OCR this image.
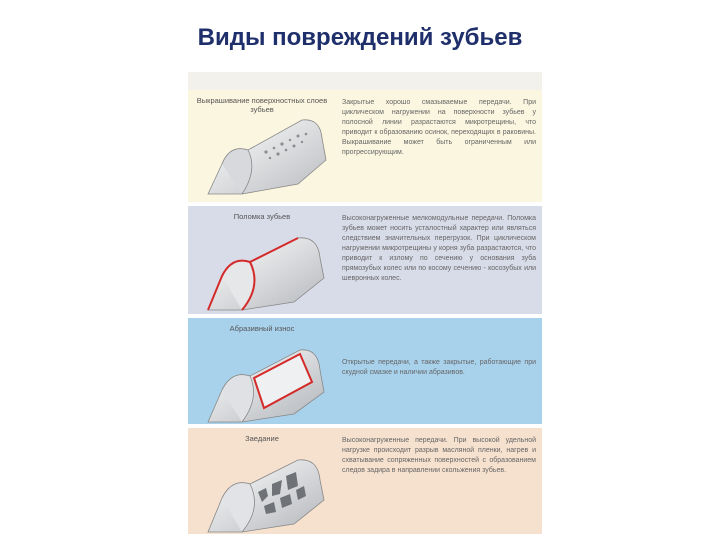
Виды повреждений зубьев
Выкрашивание поверхностных слоев зубьев
Закрытые хорошо смазываемые передачи. При циклическом нагружении на поверхности зубьев у полосной линии разрастаются микротрещины, что приводит к образованию осинок, переходящих в раковины. Выкрашивание может быть ограниченным или прогрессирующим.
Поломка зубьев	Высоконагруженные мелкомодульные передачи. Поломка зубьев может носить усталостный характер или являться следствием значительных перегрузок. При циклическом нагружении микротрещины у корня зуба разрастаются, что приводит к излому по сечению у основания зуба прямозубых колес или по косому сечению - косозубых или шевронных колес.
Абразивный износ
Открытые передачи, а также закрытые, работающие при скудной смазке и наличии абразивов.
Заедание	Высоконагруженные передачи. При высокой удельной нагрузке происходит разрыв масляной пленки, нагрев и схватывание сопряженных поверхностей с образованием следов задира в направлении скольжения зубьев.
